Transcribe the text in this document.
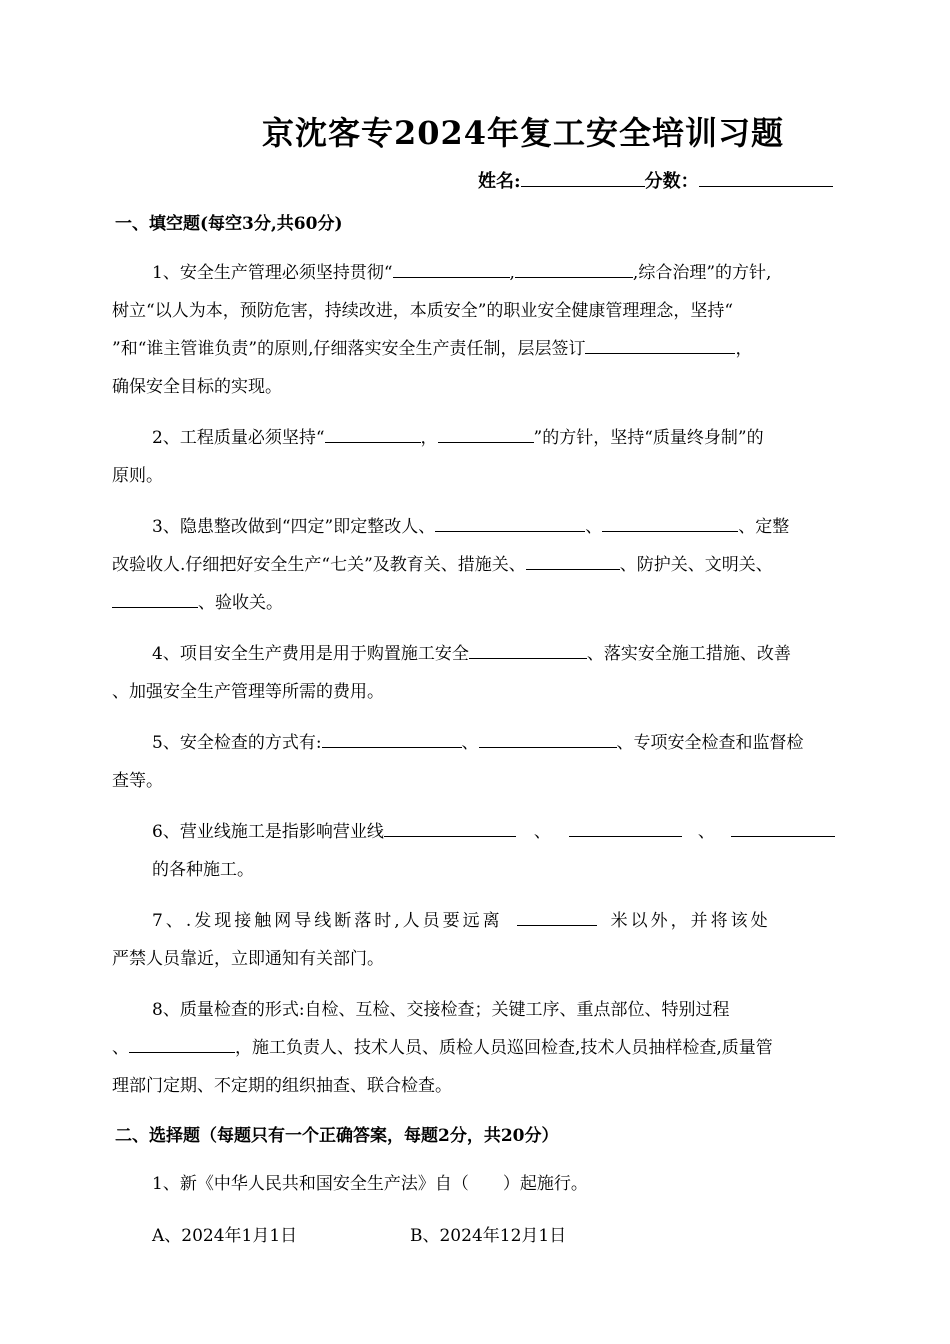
京沈客专2024年复工安全培训习题
姓名:	分数：
一、填空题(每空3分,共60分)
1、安全生产管理必须坚持贯彻“	,	,综合治理”的方针,
树立“以人为本，预防危害，持续改进，本质安全”的职业安全健康管理理念，坚持“
”和“谁主管谁负责”的原则,仔细落实安全生产责任制，层层签订	，
确保安全目标的实现。
2、工程质量必须坚持“	，	”的方针，坚持“质量终身制”的
原则。
3、隐患整改做到“四定”即定整改人、	、	、定整
改验收人.仔细把好安全生产“七关”及教育关、措施关、	、防护关、文明关、
、验收关。
4、项目安全生产费用是用于购置施工安全	、落实安全施工措施、改善
、加强安全生产管理等所需的费用。
5、安全检查的方式有:	、	、专项安全检查和监督检
查等。
6、营业线施工是指影响营业线	、	、
的各种施工。
7、.发现接触网导线断落时,人员要远离	米以外，并将该处
严禁人员靠近，立即通知有关部门。
8、质量检查的形式:自检、互检、交接检查；关键工序、重点部位、特别过程
、	，施工负责人、技术人员、质检人员巡回检查,技术人员抽样检查,质量管
理部门定期、不定期的组织抽查、联合检查。
二、选择题（每题只有一个正确答案，每题2分，共20分）
1、新《中华人民共和国安全生产法》自（　　）起施行。
A、2024年1月1日	B、2024年12月1日
